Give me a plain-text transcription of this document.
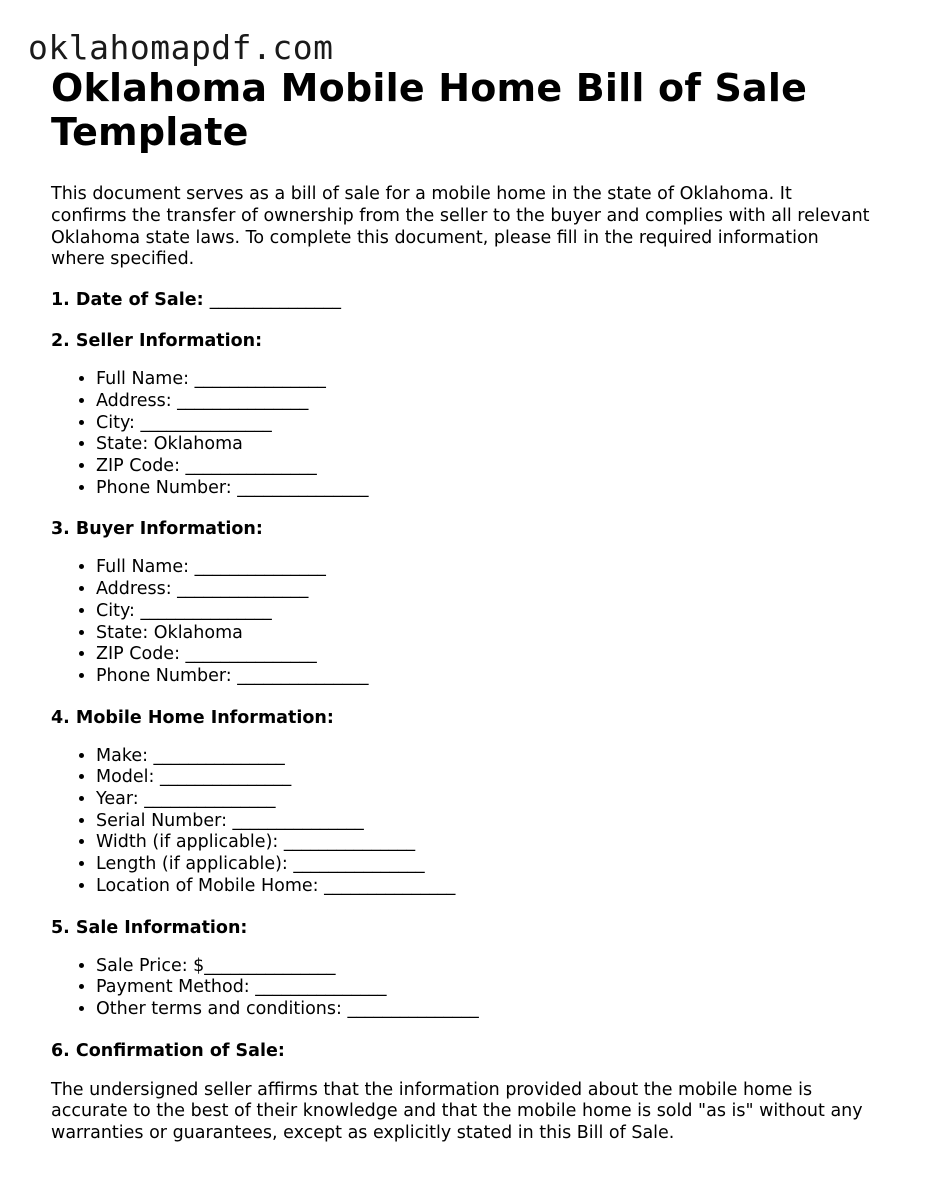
oklahomapdf.com
Oklahoma Mobile Home Bill of Sale Template

This document serves as a bill of sale for a mobile home in the state of Oklahoma. It confirms the transfer of ownership from the seller to the buyer and complies with all relevant Oklahoma state laws. To complete this document, please fill in the required information where specified.

1. Date of Sale: _______________
2. Seller Information:
• Full Name: _______________
• Address: _______________
• City: _______________
• State: Oklahoma
• ZIP Code: _______________
• Phone Number: _______________
3. Buyer Information:
• Full Name: _______________
• Address: _______________
• City: _______________
• State: Oklahoma
• ZIP Code: _______________
• Phone Number: _______________
4. Mobile Home Information:
• Make: _______________
• Model: _______________
• Year: _______________
• Serial Number: _______________
• Width (if applicable): _______________
• Length (if applicable): _______________
• Location of Mobile Home: _______________
5. Sale Information:
• Sale Price: $_______________
• Payment Method: _______________
• Other terms and conditions: _______________
6. Confirmation of Sale:

The undersigned seller affirms that the information provided about the mobile home is accurate to the best of their knowledge and that the mobile home is sold "as is" without any warranties or guarantees, except as explicitly stated in this Bill of Sale.
